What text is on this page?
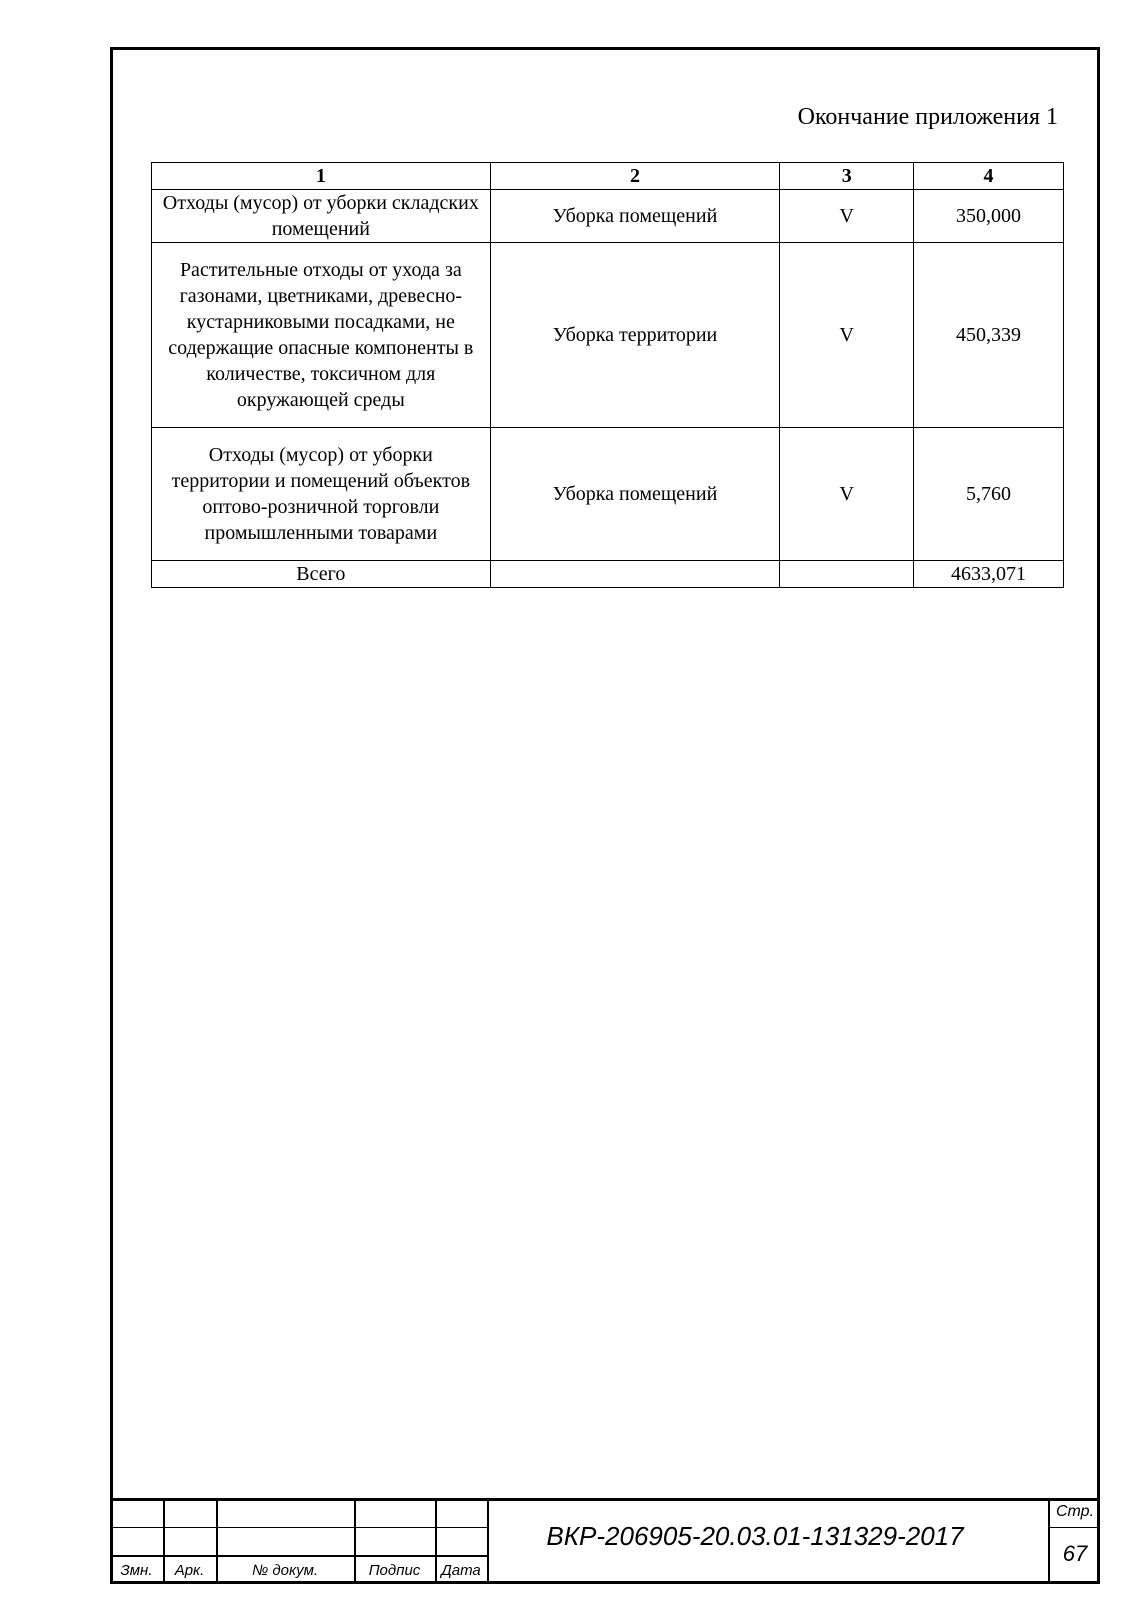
Окончание приложения 1
1	2	3	4
Отходы (мусор) от уборки складских помещений	Уборка помещений	V	350,000
Растительные отходы от ухода за газонами, цветниками, древесно-кустарниковыми посадками, не содержащие опасные компоненты в количестве, токсичном для окружающей среды	Уборка территории	V	450,339
Отходы (мусор) от уборки территории и помещений объектов оптово-розничной торговли промышленными товарами	Уборка помещений	V	5,760
Всего			4633,071
Змн.	Арк.	№ докум.	Подпис	Дата
ВКР-206905-20.03.01-131329-2017
Стр.
67
